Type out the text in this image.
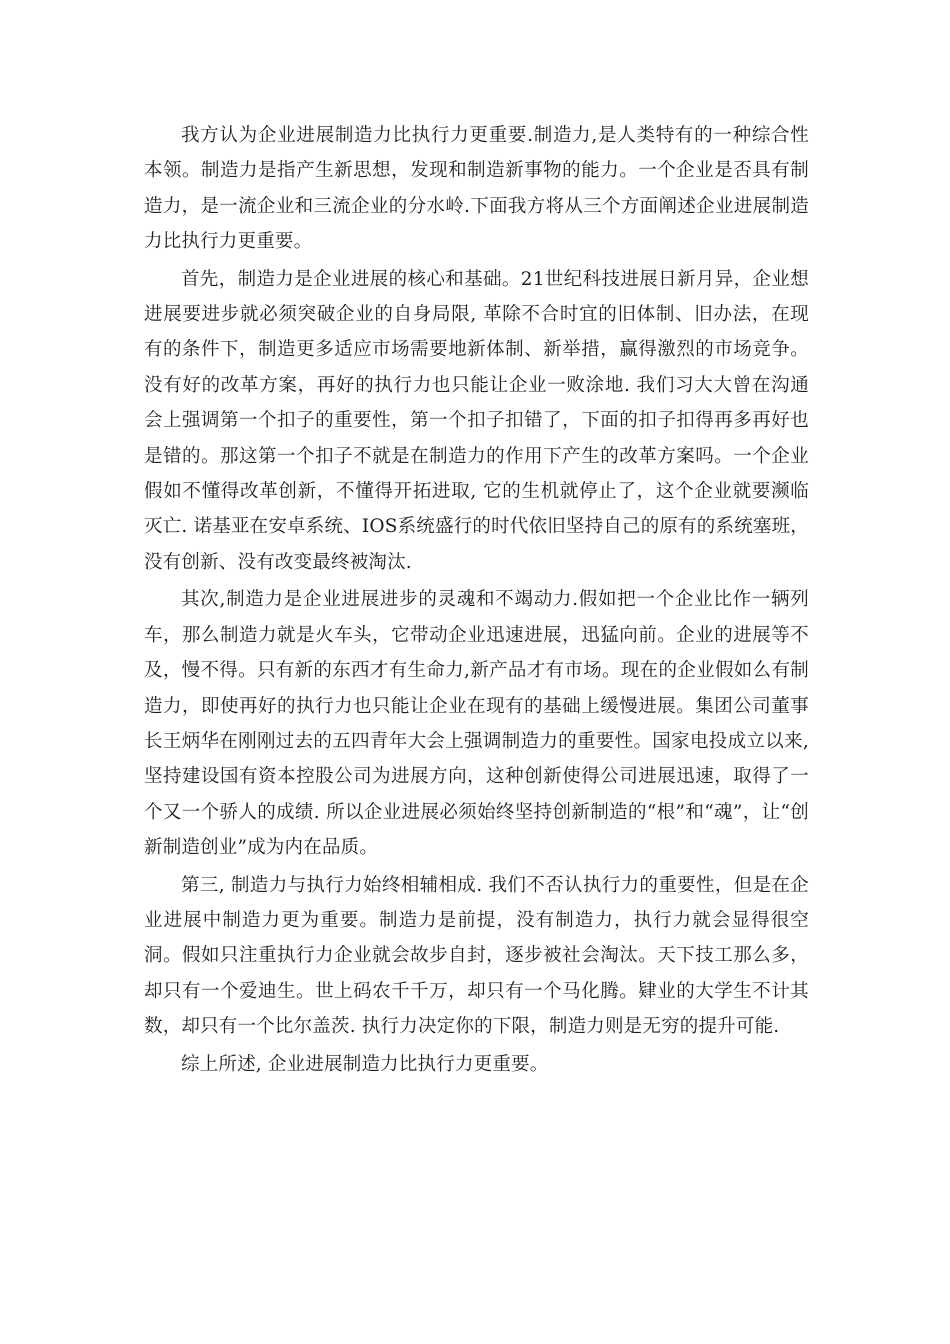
我方认为企业进展制造力比执行力更重要.制造力,是人类特有的一种综合性本领。制造力是指产生新思想，发现和制造新事物的能力。一个企业是否具有制造力，是一流企业和三流企业的分水岭.下面我方将从三个方面阐述企业进展制造力比执行力更重要。

首先，制造力是企业进展的核心和基础。21世纪科技进展日新月异，企业想进展要进步就必须突破企业的自身局限, 革除不合时宜的旧体制、旧办法，在现有的条件下，制造更多适应市场需要地新体制、新举措，赢得激烈的市场竞争。没有好的改革方案，再好的执行力也只能让企业一败涂地. 我们习大大曾在沟通会上强调第一个扣子的重要性，第一个扣子扣错了，下面的扣子扣得再多再好也是错的。那这第一个扣子不就是在制造力的作用下产生的改革方案吗。一个企业假如不懂得改革创新，不懂得开拓进取, 它的生机就停止了，这个企业就要濒临灭亡. 诺基亚在安卓系统、IOS系统盛行的时代依旧坚持自己的原有的系统塞班，没有创新、没有改变最终被淘汰.

其次,制造力是企业进展进步的灵魂和不竭动力.假如把一个企业比作一辆列车，那么制造力就是火车头，它带动企业迅速进展，迅猛向前。企业的进展等不及，慢不得。只有新的东西才有生命力,新产品才有市场。现在的企业假如么有制造力，即使再好的执行力也只能让企业在现有的基础上缓慢进展。集团公司董事长王炳华在刚刚过去的五四青年大会上强调制造力的重要性。国家电投成立以来, 坚持建设国有资本控股公司为进展方向，这种创新使得公司进展迅速，取得了一个又一个骄人的成绩. 所以企业进展必须始终坚持创新制造的“根”和“魂”，让“创新制造创业”成为内在品质。

第三, 制造力与执行力始终相辅相成. 我们不否认执行力的重要性，但是在企业进展中制造力更为重要。制造力是前提，没有制造力，执行力就会显得很空洞。假如只注重执行力企业就会故步自封，逐步被社会淘汰。天下技工那么多，却只有一个爱迪生。世上码农千千万，却只有一个马化腾。肄业的大学生不计其数，却只有一个比尔盖茨. 执行力决定你的下限，制造力则是无穷的提升可能.

综上所述, 企业进展制造力比执行力更重要。
